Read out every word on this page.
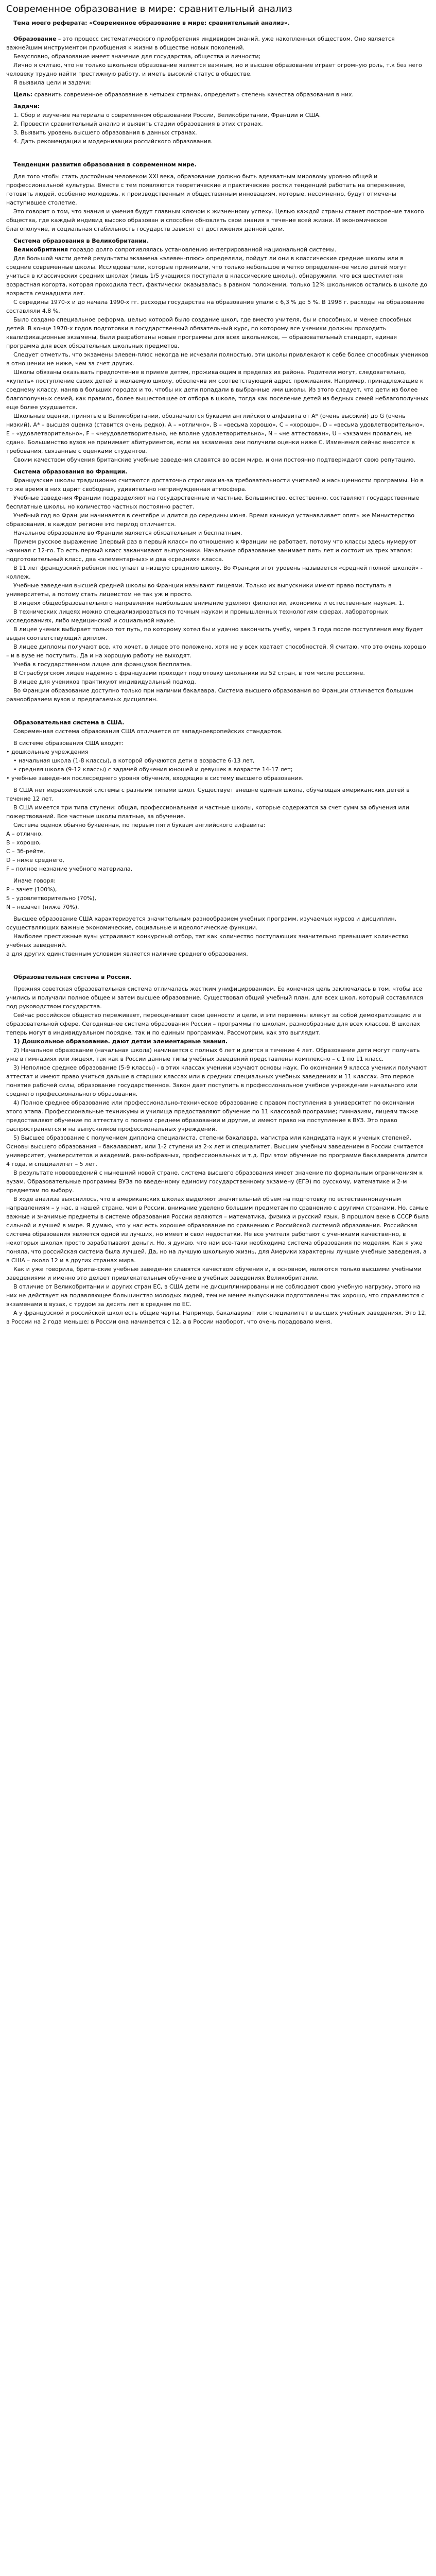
Современное образование в мире: сравнительный анализ

Тема моего реферата: «Современное образование в мире: сравнительный анализ».

Образование – это процесс систематического приобретения индивидом знаний, уже накопленных обществом. Оно является важнейшим инструментом приобщения к жизни в обществе новых поколений.

Безусловно, образование имеет значение для государства, общества и личности;

Лично я считаю, что не только школьное образование является важным, но и высшее образование играет огромную роль, т.к без него человеку трудно найти престижную работу, и иметь высокий статус в обществе.

Я выявила цели и задачи:

Цель: сравнить современное образование в четырех странах, определить степень качества образования в них.

Задачи:

1. Сбор и изучение материала о современном образовании России, Великобритании, Франции и США.
2. Провести сравнительный анализ и выявить стадии образования в этих странах.
3. Выявить уровень высшего образования в данных странах.
4. Дать рекомендации и модернизации российского образования.

Тенденции развития образования в современном мире.

Для того чтобы стать достойным человеком XXI века, образование должно быть адекватным мировому уровню общей и профессиональной культуры. Вместе с тем появляются теоретические и практические ростки тенденций работать на опережение, готовить людей, особенно молодежь, к производственным и общественным инновациям, которые, несомненно, будут отмечены наступившее столетие.

Это говорит о том, что знания и умения будут главным ключом к жизненному успеху. Целью каждой страны станет построение такого общества, где каждый индивид высоко образован и способен обновлять свои знания в течение всей жизни. И экономическое благополучие, и социальная стабильность государств зависят от достижения данной цели.

Система образования в Великобритании.

Великобритания гораздо долго сопротивлялась установлению интегрированной национальной системы.

Для большой части детей результаты экзамена «элевен-плюс» определяли, пойдут ли они в классические средние школы или в средние современные школы. Исследователи, которые принимали, что только небольшое и четко определенное число детей могут учиться в классических средних школах (лишь 1/5 учащихся поступали в классические школы), обнаружили, что вся шестилетняя возрастная когорта, которая проходила тест, фактически оказывалась в равном положении, только 12% школьников остались в школе до возраста семнадцати лет.

С середины 1970-х и до начала 1990-х гг. расходы государства на образование упали с 6,3 % до 5 %. В 1998 г. расходы на образование составляли 4,8 %.

Было создано специальное реформа, целью которой было создание школ, где вместо учителя, бы и способных, и менее способных детей. В конце 1970-х годов подготовки в государственный обязательный курс, по которому все ученики должны проходить квалификационные экзамены, были разработаны новые программы для всех школьников, — образовательный стандарт, единая программа для всех обязательных школьных предметов.

Следует отметить, что экзамены элевен-плюс некогда не исчезали полностью, эти школы привлекают к себе более способных учеников в отношении не ниже, чем за счет других.

Школы обязаны оказывать предпочтение в приеме детям, проживающим в пределах их района. Родители могут, следовательно, «купить» поступление своих детей в желаемую школу, обеспечив им соответствующий адрес проживания. Например, принадлежащие к среднему классу, наняв в больших городах и то, чтобы их дети попадали в выбранные ими школы. Из этого следует, что дети из более благополучных семей, как правило, более вышестоящее от отбора в школе, тогда как поселение детей из бедных семей неблагополучных еще более ухудшается.

Школьные оценки, принятые в Великобритании, обозначаются буквами английского алфавита от A* (очень высокий) до G (очень низкий), A* – высшая оценка (ставится очень редко), A – «отлично», B – «весьма хорошо», C – «хорошо», D – «весьма удовлетворительно», E – «удовлетворительно», F – «неудовлетворительно, не вполне удовлетворительно», N – «не аттестован», U – «экзамен провален, не сдан». Большинство вузов не принимает абитуриентов, если на экзаменах они получили оценки ниже C. Изменения сейчас вносятся в требования, связанные с оценками студентов.

Своим качеством обучения британские учебные заведения славятся во всем мире, и они постоянно подтверждают свою репутацию.

Система образования во Франции.

Французские школы традиционно считаются достаточно строгими из-за требовательности учителей и насыщенности программы. Но в то же время в них царит свободная, удивительно непринужденная атмосфера.

Учебные заведения Франции подразделяют на государственные и частные. Большинство, естественно, составляют государственные бесплатные школы, но количество частных постоянно растет.

Учебный год во Франции начинается в сентябре и длится до середины июня. Время каникул устанавливает опять же Министерство образования, в каждом регионе это период отличается.

Начальное образование во Франции является обязательным и бесплатным.

Причем русское выражение 1первый раз в первый класс» по отношению к Франции не работает, потому что классы здесь нумеруют начиная с 12-го. То есть первый класс заканчивают выпускники. Начальное образование занимает пять лет и состоит из трех этапов: подготовительный класс, два «элементарных» и два «средних» класса.

В 11 лет французский ребенок поступает в низшую среднюю школу. Во Франции этот уровень называется «средней полной школой» - коллеж.

Учебные заведения высшей средней школы во Франции называют лицеями. Только их выпускники имеют право поступать в университеты, а потому стать лицеистом не так уж и просто.

В лицеях общеобразовательного направления наибольшее внимание уделяют филологии, экономике и естественным наукам. 1.

В технических лицеях можно специализироваться по точным наукам и промышленных технологиям сферах, лабораторных исследованиях, либо медицинский и социальной науке.

В лицее ученик выбирает только тот путь, по которому хотел бы и удачно закончить учебу, через 3 года после поступления ему будет выдан соответствующий диплом.

В лицее дипломы получают все, кто хочет, в лицее это положено, хотя не у всех хватает способностей. Я считаю, что это очень хорошо – и в вузе не поступить. Да и на хорошую работу не выходят.

Учеба в государственном лицее для французов бесплатна.

В Страсбургском лицее надежно с французами проходит подготовку школьники из 52 стран, в том числе россияне.

В лицее для учеников практикуют индивидуальный подход.

Во Франции образование доступно только при наличии бакалавра. Система высшего образования во Франции отличается большим разнообразием вузов и предлагаемых дисциплин.

Образовательная система в США.

Современная система образования США отличается от западноевропейских стандартов.

В системе образования США входят:

• дошкольные учреждения

• начальная школа (1-8 классы), в которой обучаются дети в возрасте 6-13 лет,

• средняя школа (9-12 классы) с задачей обучения юношей и девушек в возрасте 14-17 лет;

• учебные заведения послесреднего уровня обучения, входящие в систему высшего образования.

В США нет иерархической системы с разными типами школ. Существует внешне единая школа, обучающая американских детей в течение 12 лет.

В США имеется три типа ступени: общая, профессиональная и частные школы, которые содержатся за счет сумм за обучения или пожертвований. Все частные школы платные, за обучение.

Система оценок обычно буквенная, по первым пяти буквам английского алфавита:

A – отлично,

B – хорошо,

C – 3б-рейте,

D – ниже среднего,

F – полное незнание учебного материала.

Иначе говоря:

P – зачет (100%),

S – удовлетворительно (70%),

N – незачет (ниже 70%).

Высшее образование США характеризуется значительным разнообразием учебных программ, изучаемых курсов и дисциплин, осуществляющих важные экономические, социальные и идеологические функции.

Наиболее престижные вузы устраивают конкурсный отбор, тат как количество поступающих значительно превышает количество учебных заведений.

а для других единственным условием является наличие среднего образования.

Образовательная система в России.

Прежняя советская образовательная система отличалась жестким унифицированием. Ее конечная цель заключалась в том, чтобы все учились и получали полное общее и затем высшее образование. Существовал общий учебный план, для всех школ, который составлялся под руководством государства.

Сейчас российское общество переживает, переоценивает свои ценности и цели, и эти перемены влекут за собой демократизацию и в образовательной сфере. Сегодняшнее система образования России – программы по школам, разнообразные для всех классов. В школах теперь могут в индивидуальном порядке, так и по единым программам. Рассмотрим, как это выглядит.

1) Дошкольное образование. дают детям элементарные знания.

2) Начальное образование (начальная школа) начинается с полных 6 лет и длится в течение 4 лет. Образование дети могут получать уже в гимназиях или лицеях, так как в России данные типы учебных заведений представлены комплексно – с 1 по 11 класс.

3) Неполное среднее образование (5-9 классы) - в этих классах ученики изучают основы наук. По окончании 9 класса ученики получают аттестат и имеют право учиться дальше в старших классах или в средних специальных учебных заведениях и 11 классах. Это первое понятие рабочей силы, образование государственное. Закон дает поступить в профессиональное учебное учреждение начального или среднего профессионального образования.

4) Полное среднее образование или профессионально-техническое образование с правом поступления в университет по окончании этого этапа. Профессиональные техникумы и училища предоставляют обучение по 11 классовой программе; гимназиям, лицеям также предоставляют обучение по аттестату о полном среднем образовании и другие, и имеют право на поступление в ВУЗ. Это право распространяется и на выпускников профессиональных учреждений.

5) Высшее образование с получением диплома специалиста, степени бакалавра, магистра или кандидата наук и ученых степеней. Основы высшего образования – бакалавриат, или 1-2 ступени из 2-х лет и специалитет. Высшим учебным заведением в России считается университет, университетов и академий, разнообразных, профессиональных и т.д. При этом обучение по программе бакалавриата длится 4 года, и специалитет – 5 лет.

В результате нововведений с нынешний новой стране, система высшего образования имеет значение по формальным ограничениям к вузам. Образовательные программы ВУЗа по введенному единому государственному экзамену (ЕГЭ) по русскому, математике и 2-м предметам по выбору.

В ходе анализа выяснилось, что в американских школах выделяют значительный объем на подготовку по естественнонаучным направлениям – у нас, в нашей стране, чем в России, внимание уделено большим предметам по сравнению с другими странами. Но, самые важные и значимые предметы в системе образования России являются – математика, физика и русский язык. В прошлом веке в СССР была сильной и лучшей в мире. Я думаю, что у нас есть хорошее образование по сравнению с Российской системой образования. Российская система образования является одной из лучших, но имеет и свои недостатки. Не все учителя работают с учениками качественно, в некоторых школах просто зарабатывают деньги. Но, я думаю, что нам все-таки необходима система образования по моделям. Как я уже поняла, что российская система была лучшей. Да, но на лучшую школьную жизнь, для Америки характерны лучшие учебные заведения, а в США – около 12 и в других странах мира.

Как и уже говорила, британские учебные заведения славятся качеством обучения и, в основном, являются только высшими учебными заведениями и именно это делает привлекательным обучение в учебных заведениях Великобритании.

В отличие от Великобритании и других стран ЕС, в США дети не дисциплинированы и не соблюдают свою учебную нагрузку, этого на них не действует на подавляющее большинство молодых людей, тем не менее выпускники подготовлены так хорошо, что справляются с экзаменами в вузах, с трудом за десять лет в среднем по ЕС.

А у французской и российской школ есть общие черты. Например, бакалавриат или специалитет в высших учебных заведениях. Это 12, в России на 2 года меньше; в России она начинается с 12, а в России наоборот, что очень порадовало меня.
